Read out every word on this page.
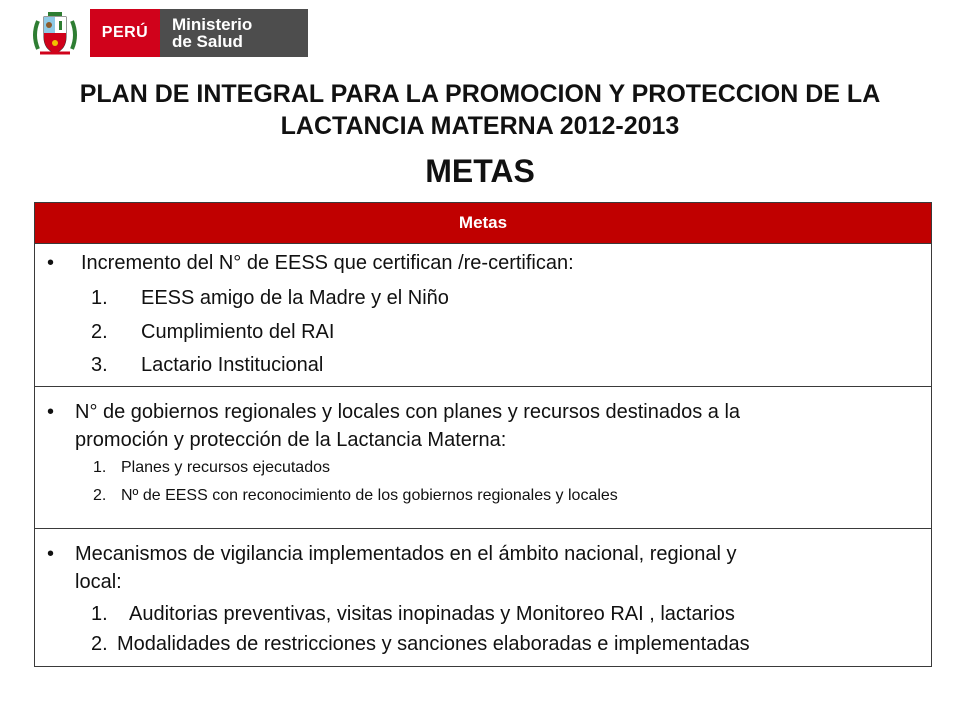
PERÚ Ministerio
de Salud
PLAN DE INTEGRAL PARA LA PROMOCION Y PROTECCION DE LA
LACTANCIA MATERNA 2012-2013
METAS
Metas
• Incremento del N° de EESS que certifican /re-certifican:
1. EESS amigo de la Madre y el Niño
2. Cumplimiento del RAI
3. Lactario Institucional
• N° de gobiernos regionales y locales con planes y recursos destinados a la
promoción y protección de la Lactancia Materna:
1. Planes y recursos ejecutados
2. Nº de EESS con reconocimiento de los gobiernos regionales y locales
• Mecanismos de vigilancia implementados en el ámbito nacional, regional y
local:
1. Auditorias preventivas, visitas inopinadas y Monitoreo RAI , lactarios
2. Modalidades de restricciones y sanciones elaboradas e implementadas
